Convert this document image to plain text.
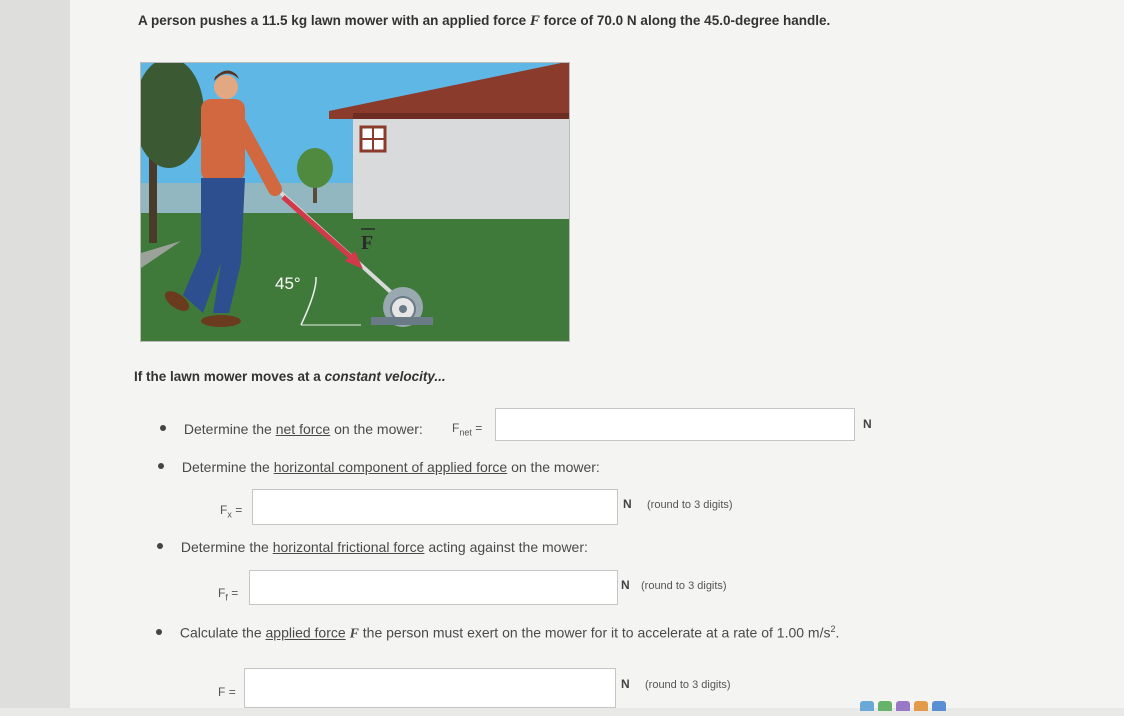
A person pushes a 11.5 kg lawn mower with an applied force F force of 70.0 N along the 45.0-degree handle.
F
45°
If the lawn mower moves at a constant velocity...
Determine the net force on the mower: $F_{net}$ =	N
Determine the horizontal component of applied force on the mower:
$F_x$ =	N (round to 3 digits)
Determine the horizontal frictional force acting against the mower:
$F_f$ =
N (round to 3 digits)
Calculate the applied force F the person must exert on the mower for it to accelerate at a rate of 1.00 $m/s^2$.
F =
N (round to 3 digits)
